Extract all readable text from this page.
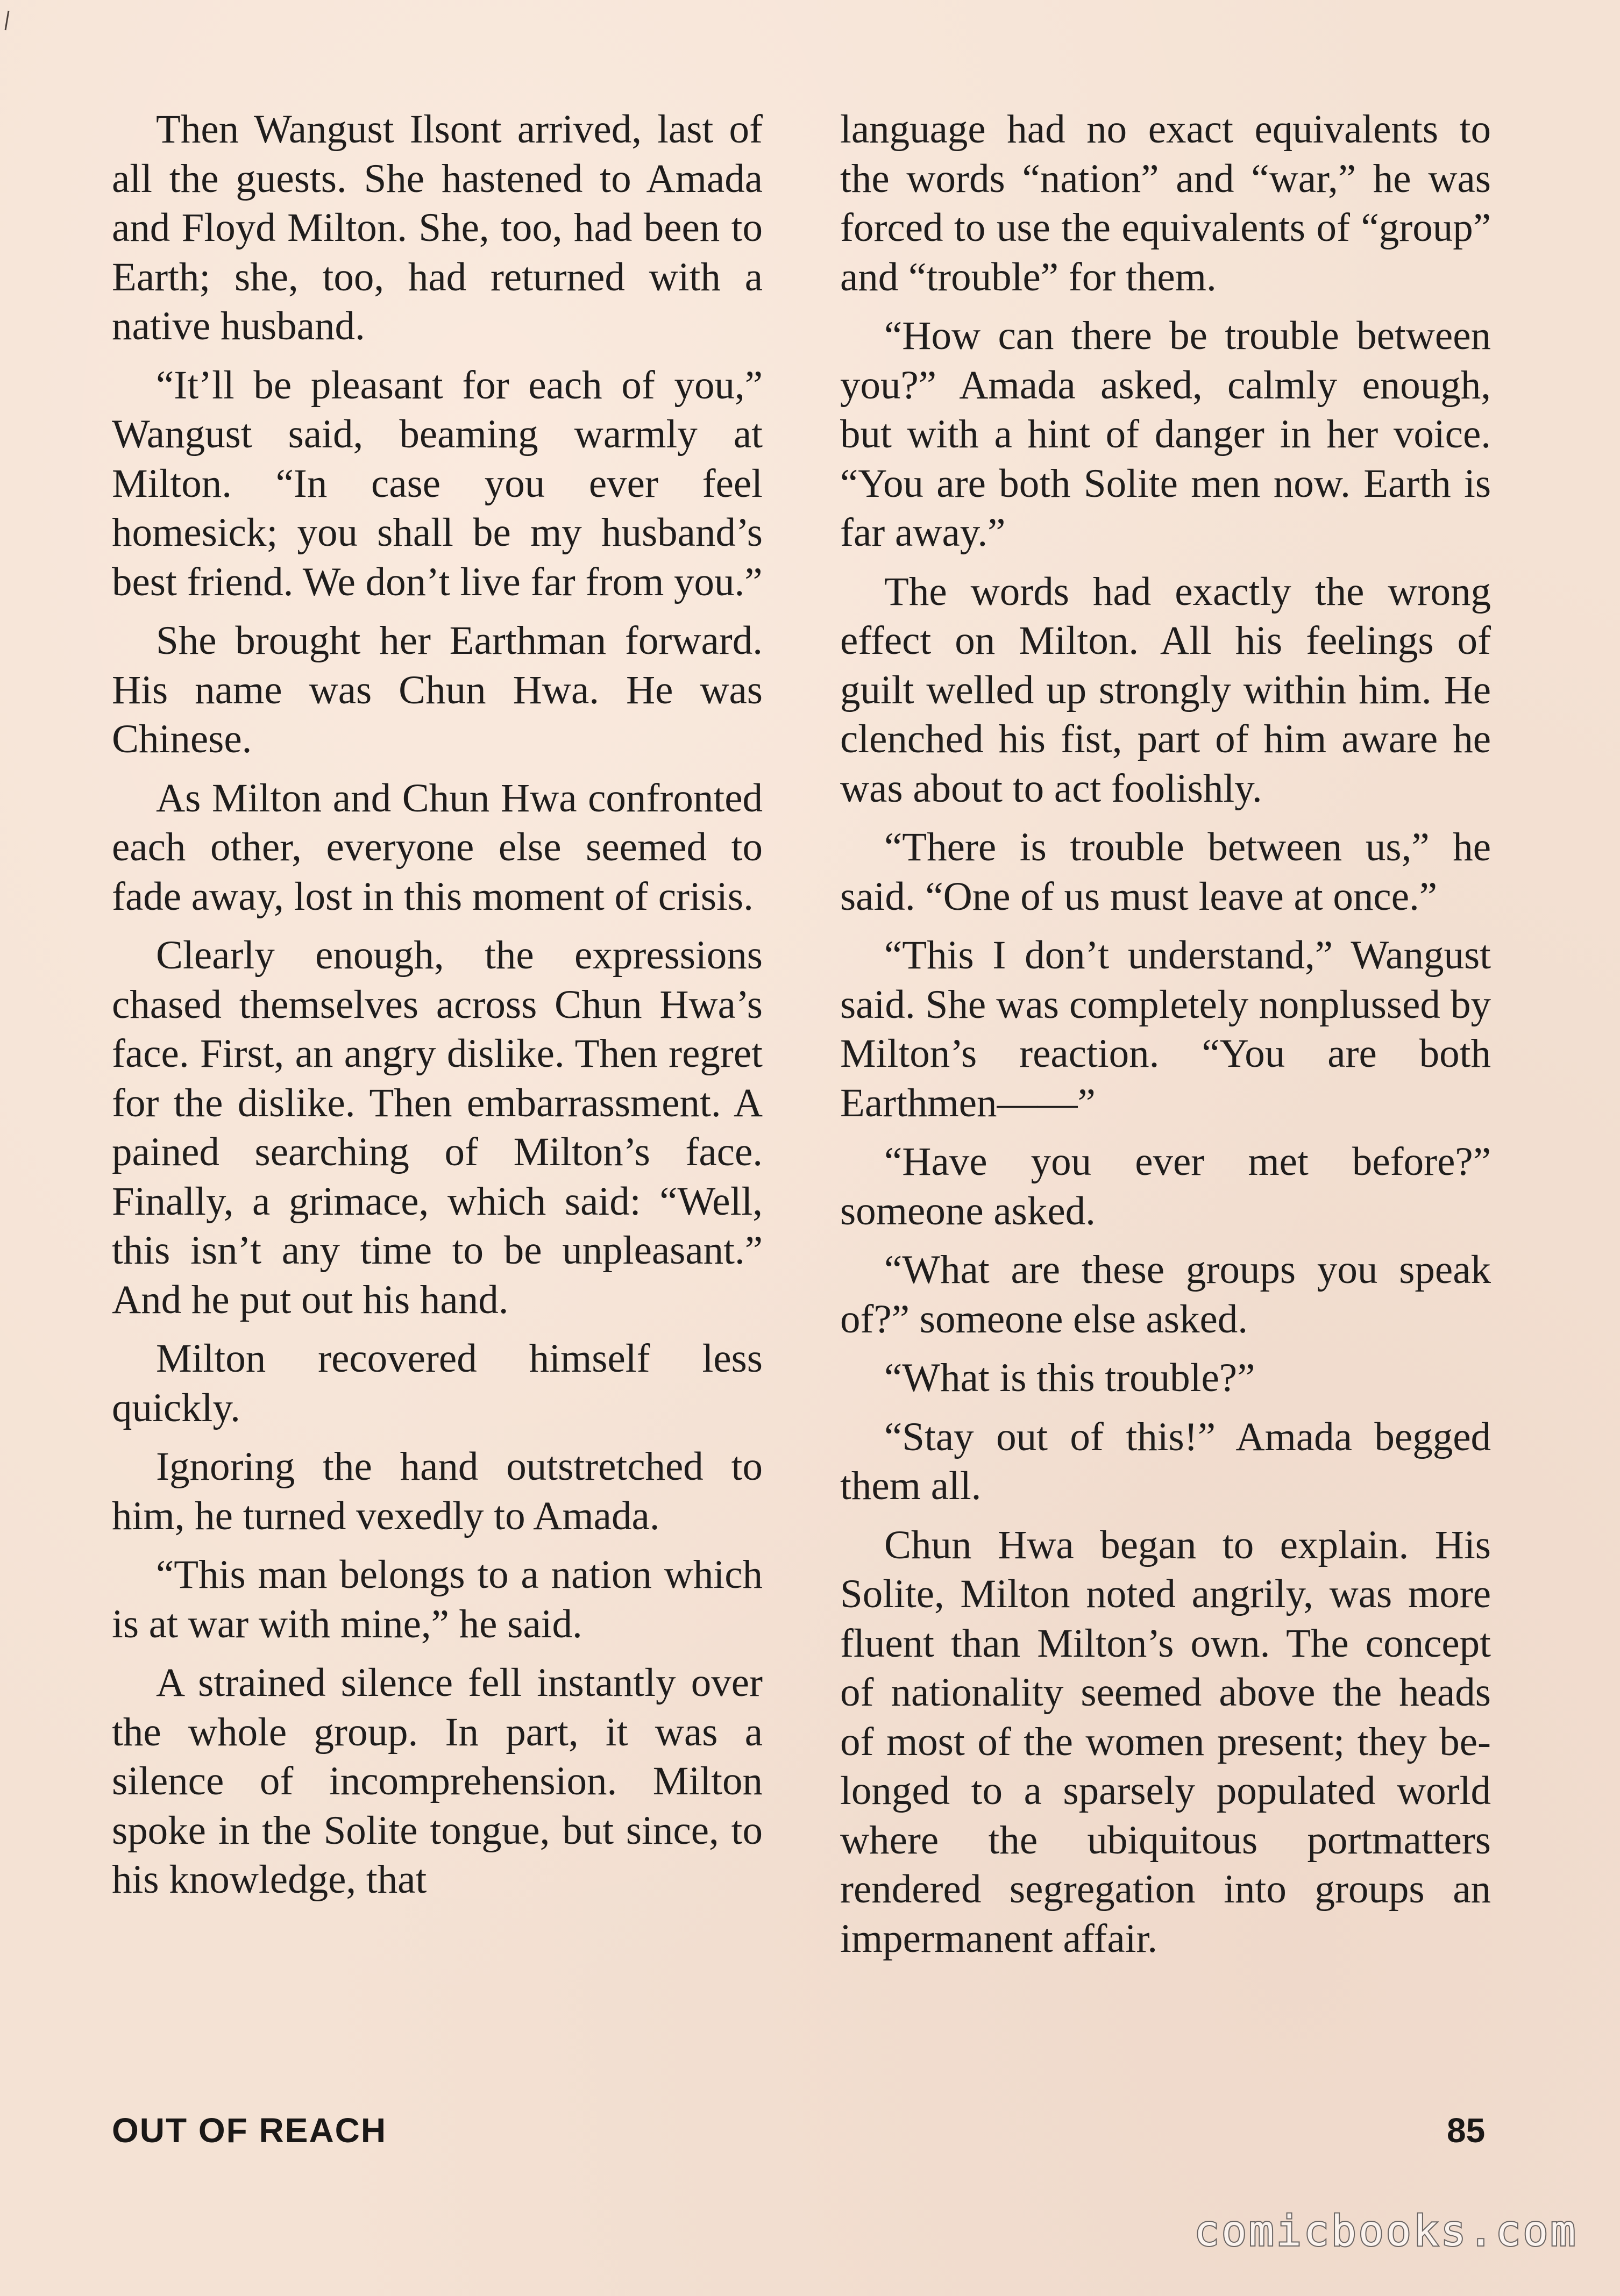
Then Wangust Ilsont arrived, last of all the guests. She hastened to Amada and Floyd Milton. She, too, had been to Earth; she, too, had returned with a native husband.

“It’ll be pleasant for each of you,” Wangust said, beaming warmly at Milton. “In case you ever feel homesick; you shall be my husband’s best friend. We don’t live far from you.”

She brought her Earthman forward. His name was Chun Hwa. He was Chinese.

As Milton and Chun Hwa confronted each other, everyone else seemed to fade away, lost in this moment of crisis.

Clearly enough, the expressions chased themselves across Chun Hwa’s face. First, an angry dislike. Then regret for the dislike. Then embarrassment. A pained searching of Milton’s face. Finally, a grimace, which said: “Well, this isn’t any time to be unpleasant.” And he put out his hand.

Milton recovered himself less quickly.

Ignoring the hand outstretched to him, he turned vexedly to Amada.

“This man belongs to a nation which is at war with mine,” he said.

A strained silence fell instantly over the whole group. In part, it was a silence of incomprehension. Milton spoke in the Solite tongue, but since, to his knowledge, that

language had no exact equivalents to the words “nation” and “war,” he was forced to use the equivalents of “group” and “trouble” for them.

“How can there be trouble between you?” Amada asked, calmly enough, but with a hint of danger in her voice. “You are both Solite men now. Earth is far away.”

The words had exactly the wrong effect on Milton. All his feelings of guilt welled up strongly within him. He clenched his fist, part of him aware he was about to act foolishly.

“There is trouble between us,” he said. “One of us must leave at once.”

“This I don’t understand,” Wangust said. She was completely nonplussed by Milton’s reaction. “You are both Earthmen——”

“Have you ever met before?” someone asked.

“What are these groups you speak of?” someone else asked.

“What is this trouble?”

“Stay out of this!” Amada begged them all.

Chun Hwa began to explain. His Solite, Milton noted angrily, was more fluent than Milton’s own. The concept of nationality seemed above the heads of most of the women present; they belonged to a sparsely populated world where the ubiquitous portmatters rendered segregation into groups an impermanent affair.

OUT OF REACH	85
comicbooks.com
